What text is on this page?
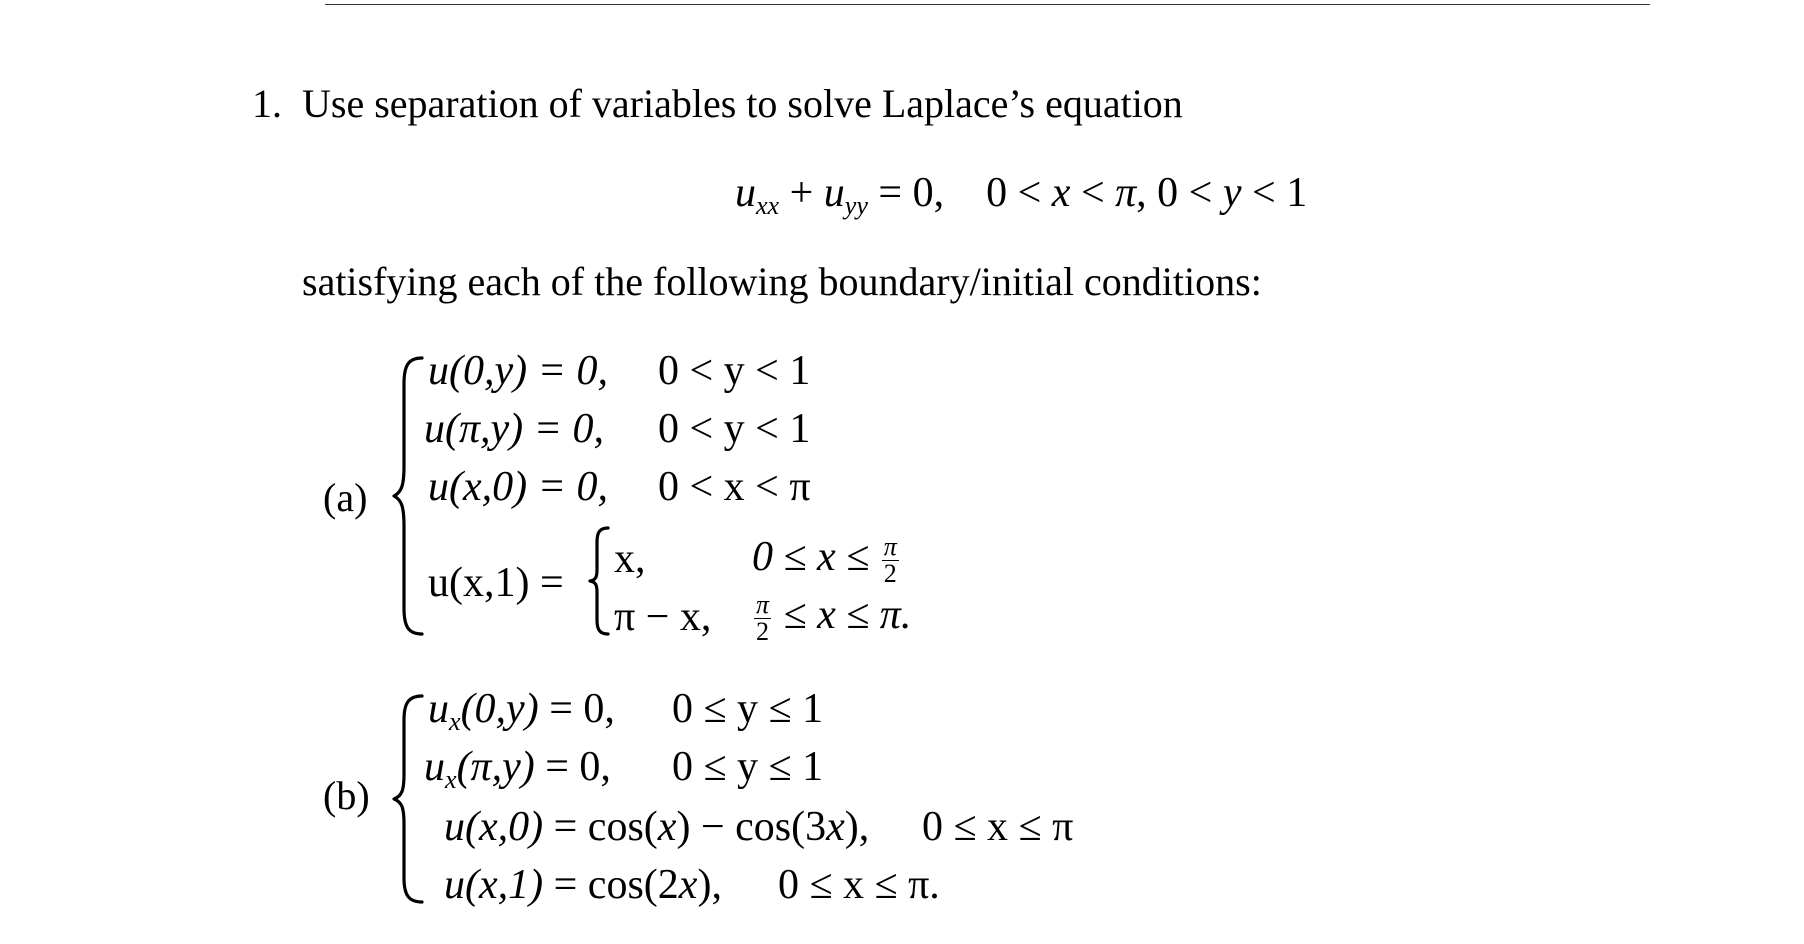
1. Use separation of variables to solve Laplace’s equation
$u_{xx} + u_{yy} = 0$,    0 < x < π, 0 < y < 1
satisfying each of the following boundary/initial conditions:
(a)
u(0,y) = 0, 0 < y < 1
u(π,y) = 0, 0 < y < 1
u(x,0) = 0, 0 < x < π
u(x,1) =
x,	$0 \le x \le \frac{\pi}{2}$
π − x, $\frac{\pi}{2} \le x \le \pi$.
(b)
$u_x(0,y) = 0$, 0 ≤ y ≤ 1
$u_x(\pi,y) = 0$, 0 ≤ y ≤ 1
u(x,0) = cos(x) − cos(3x), 0 ≤ x ≤ π
u(x,1) = cos(2x), 0 ≤ x ≤ π.
